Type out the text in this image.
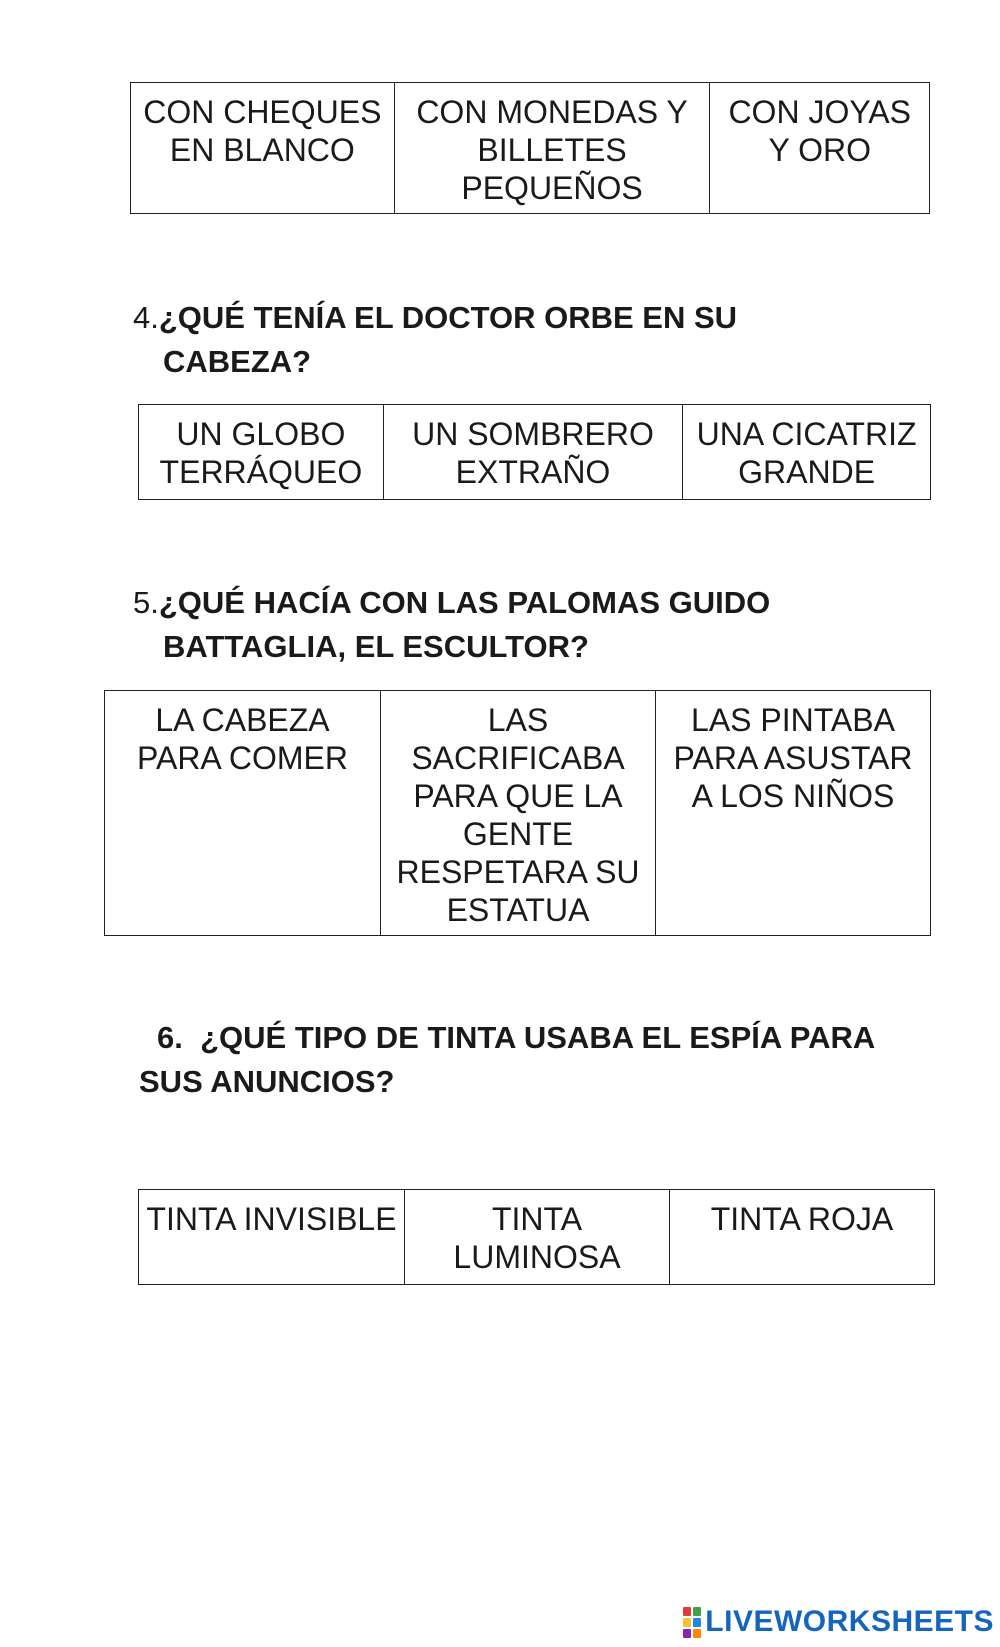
CON CHEQUES EN BLANCO	CON MONEDAS Y BILLETES PEQUEÑOS	CON JOYAS Y ORO
4.¿QUÉ TENÍA EL DOCTOR ORBE EN SU
CABEZA?
UN GLOBO TERRÁQUEO	UN SOMBRERO EXTRAÑO	UNA CICATRIZ GRANDE
5.¿QUÉ HACÍA CON LAS PALOMAS GUIDO
BATTAGLIA, EL ESCULTOR?
LA CABEZA PARA COMER	LAS SACRIFICABA PARA QUE LA GENTE RESPETARA SU ESTATUA	LAS PINTABA PARA ASUSTAR A LOS NIÑOS
6. ¿QUÉ TIPO DE TINTA USABA EL ESPÍA PARA
SUS ANUNCIOS?
TINTA INVISIBLE	TINTA LUMINOSA	TINTA ROJA
LIVEWORKSHEETS
